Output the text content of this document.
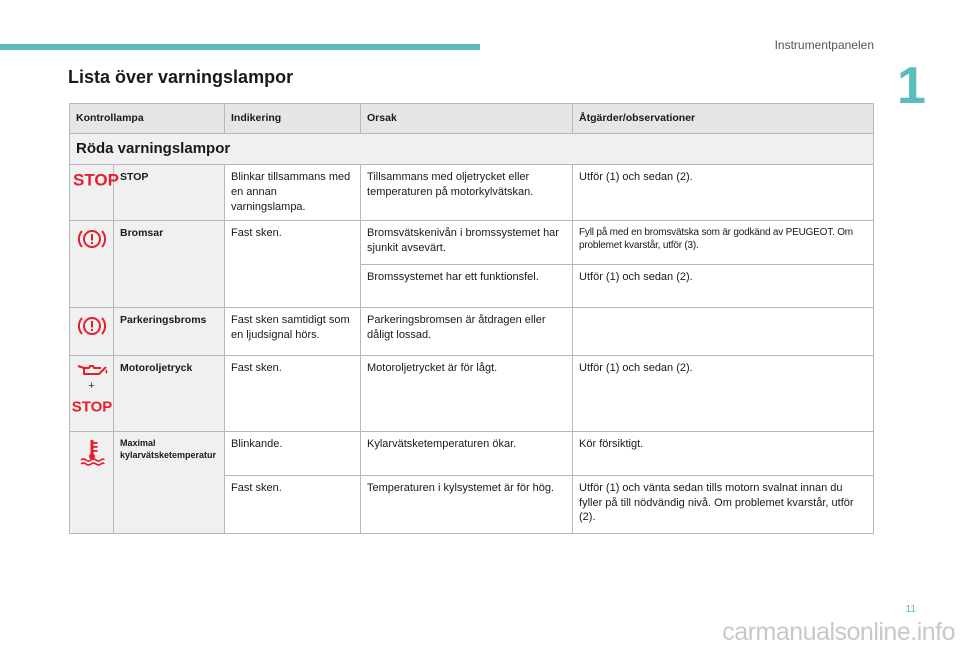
Instrumentpanelen
1
Lista över varningslampor
Kontrollampa		Indikering	Orsak	Åtgärder/observationer
Röda varningslampor				

STOP	STOP	Blinkar tillsammans med en annan varningslampa.	Tillsammans med oljetrycket eller temperaturen på motorkylvätskan.	Utför (1) och sedan (2).
	Bromsar	Fast sken.	Bromsvätskenivån i bromssystemet har sjunkit avsevärt.	Fyll på med en bromsvätska som är godkänd av PEUGEOT. Om problemet kvarstår, utför (3).
			Bromssystemet har ett funktionsfel.	Utför (1) och sedan (2).
	Parkeringsbroms	Fast sken samtidigt som en ljudsignal hörs.	Parkeringsbromsen är åtdragen eller dåligt lossad.	

+
STOP	Motoroljetryck	Fast sken.	Motoroljetrycket är för lågt.	Utför (1) och sedan (2).
	Maximal kylarvätsketemperatur	Blinkande.	Kylarvätsketemperaturen ökar.	Kör försiktigt.
		Fast sken.	Temperaturen i kylsystemet är för hög.	Utför (1) och vänta sedan tills motorn svalnat innan du fyller på till nödvändig nivå. Om problemet kvarstår, utför (2).
11
carmanualsonline.info
